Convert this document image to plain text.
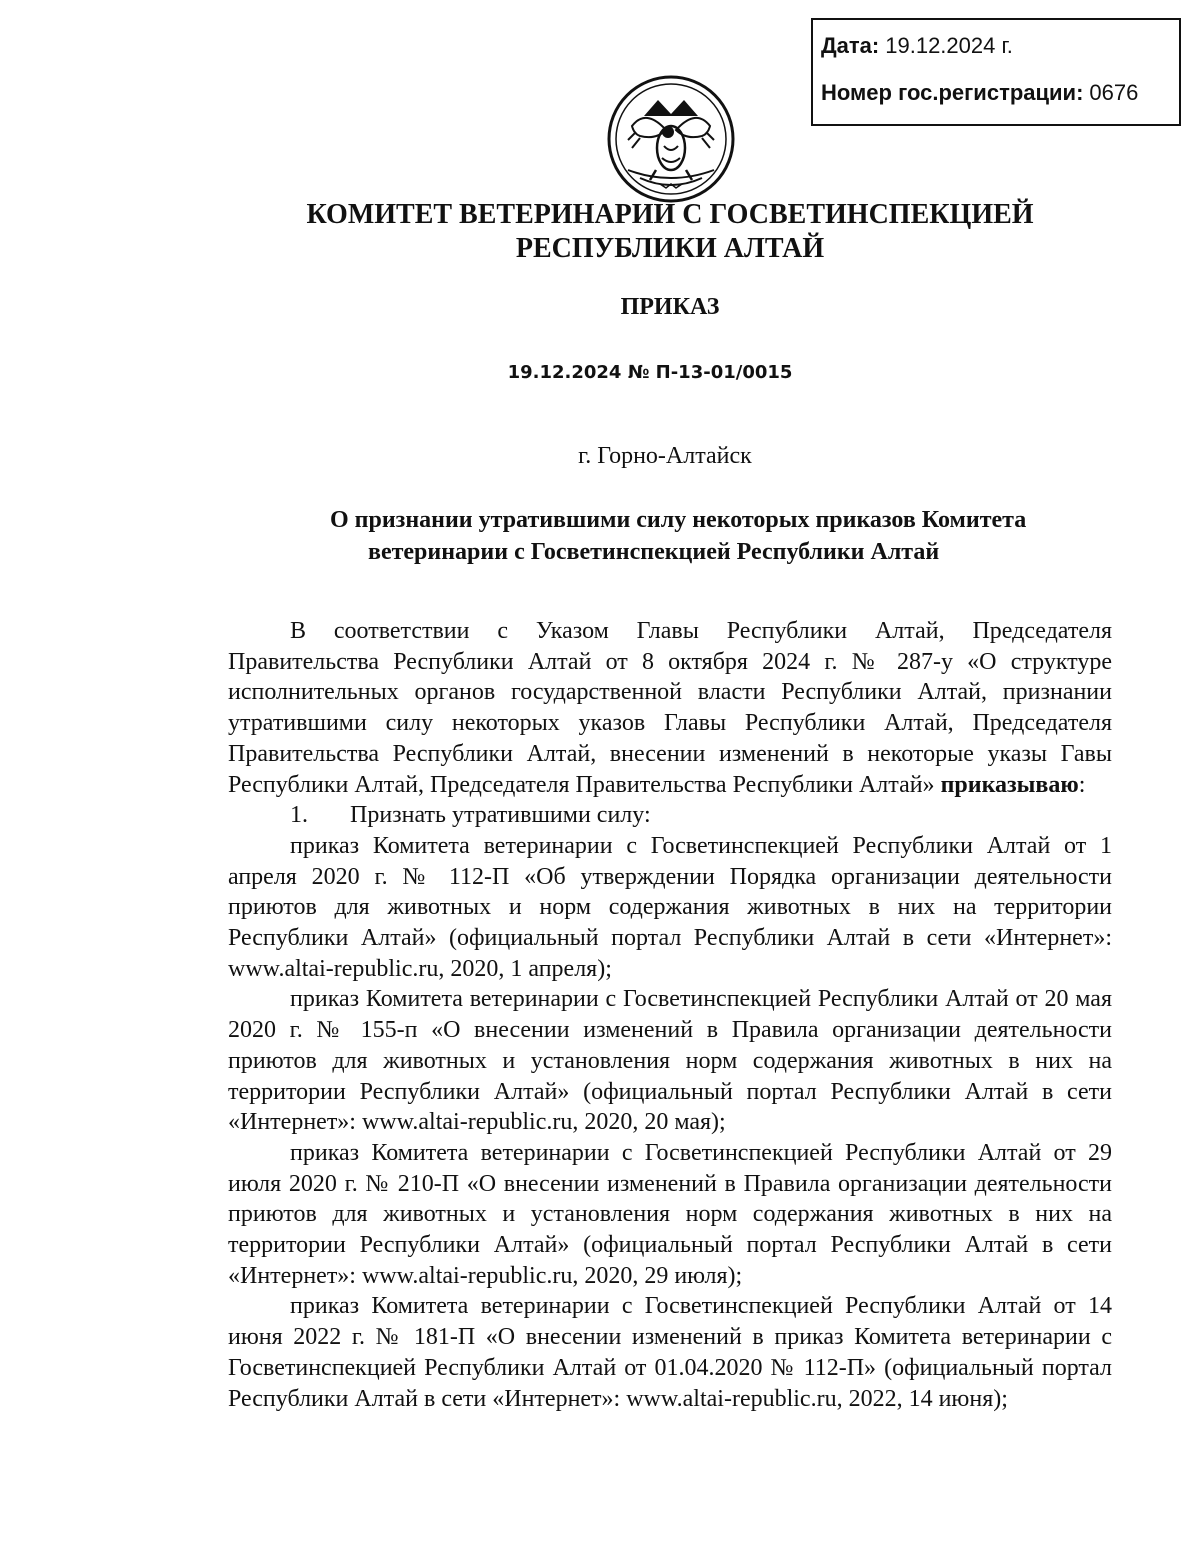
Дата: 19.12.2024 г.
Номер гос.регистрации: 0676
КОМИТЕТ ВЕТЕРИНАРИИ С ГОСВЕТИНСПЕКЦИЕЙ
РЕСПУБЛИКИ АЛТАЙ
ПРИКАЗ
19.12.2024 № П-13-01/0015
г. Горно-Алтайск
О признании утратившими силу некоторых приказов Комитета
ветеринарии с Госветинспекцией Республики Алтай

В соответствии с Указом Главы Республики Алтай, Председателя Правительства Республики Алтай от 8 октября 2024 г. № 287-у «О структуре исполнительных органов государственной власти Республики Алтай, признании утратившими силу некоторых указов Главы Республики Алтай, Председателя Правительства Республики Алтай, внесении изменений в некоторые указы Гавы Республики Алтай, Председателя Правительства Республики Алтай» приказываю:

1. Признать утратившими силу:

приказ Комитета ветеринарии с Госветинспекцией Республики Алтай от 1 апреля 2020 г. № 112-П «Об утверждении Порядка организации деятельности приютов для животных и норм содержания животных в них на территории Республики Алтай» (официальный портал Республики Алтай в сети «Интернет»: www.altai-republic.ru, 2020, 1 апреля);

приказ Комитета ветеринарии с Госветинспекцией Республики Алтай от 20 мая 2020 г. № 155-п «О внесении изменений в Правила организации деятельности приютов для животных и установления норм содержания животных в них на территории Республики Алтай» (официальный портал Республики Алтай в сети «Интернет»: www.altai-republic.ru, 2020, 20 мая);

приказ Комитета ветеринарии с Госветинспекцией Республики Алтай от 29 июля 2020 г. № 210-П «О внесении изменений в Правила организации деятельности приютов для животных и установления норм содержания животных в них на территории Республики Алтай» (официальный портал Республики Алтай в сети «Интернет»: www.altai-republic.ru, 2020, 29 июля);

приказ Комитета ветеринарии с Госветинспекцией Республики Алтай от 14 июня 2022 г. № 181-П «О внесении изменений в приказ Комитета ветеринарии с Госветинспекцией Республики Алтай от 01.04.2020 № 112-П» (официальный портал Республики Алтай в сети «Интернет»: www.altai-republic.ru, 2022, 14 июня);
